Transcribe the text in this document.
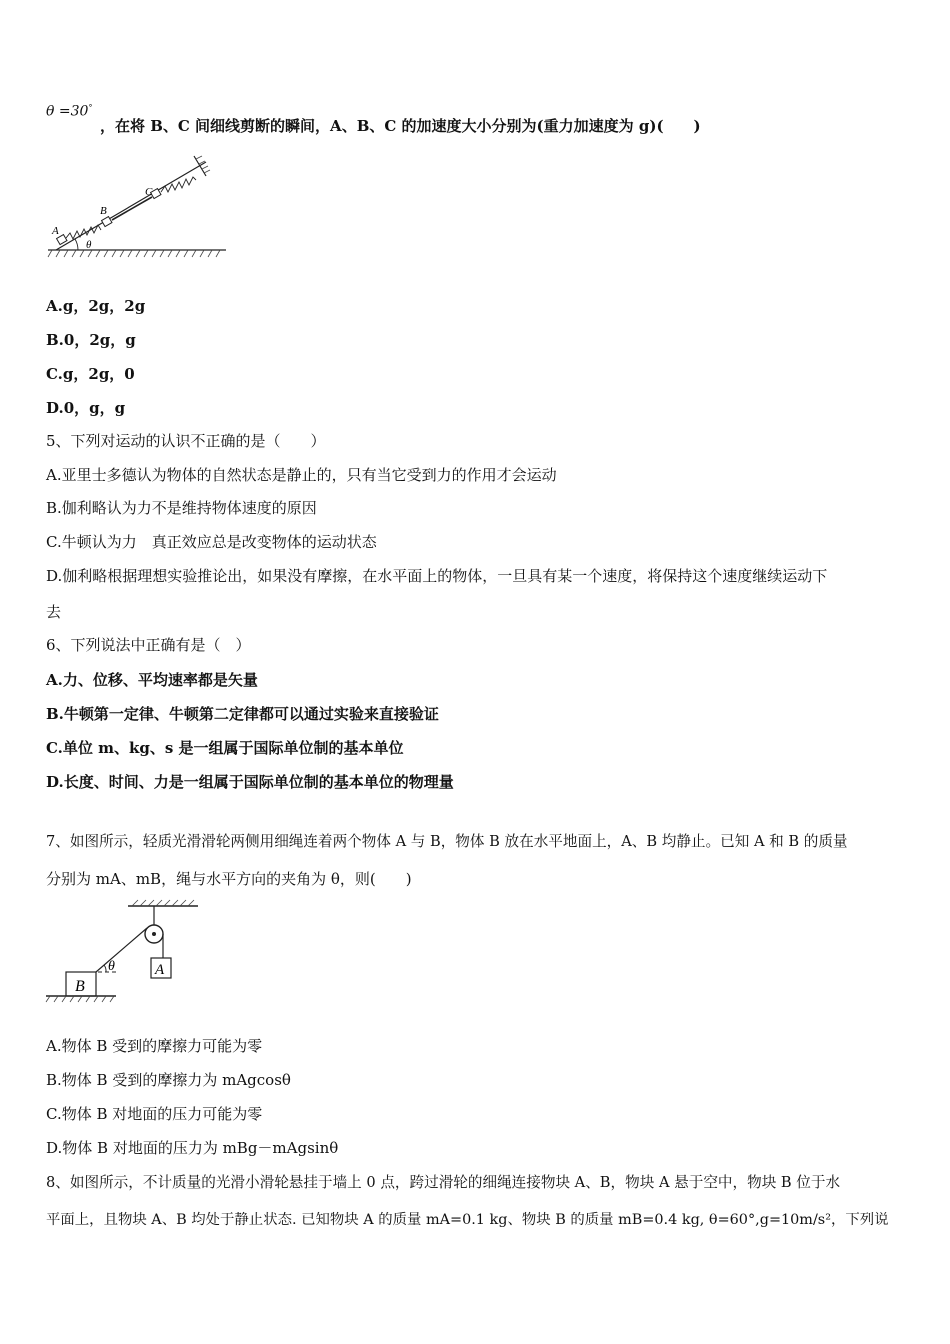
θ =30°
，在将 B、C 间细线剪断的瞬间，A、B、C 的加速度大小分别为(重力加速度为 g)(　　)
A
B
C
θ
A.g，2g，2g
B.0，2g，g
C.g，2g，0
D.0，g，g
5、下列对运动的认识不正确的是（　　）
A.亚里士多德认为物体的自然状态是静止的，只有当它受到力的作用才会运动
B.伽利略认为力不是维持物体速度的原因
C.牛顿认为力　真正效应总是改变物体的运动状态
D.伽利略根据理想实验推论出，如果没有摩擦，在水平面上的物体，一旦具有某一个速度，将保持这个速度继续运动下
去
6、下列说法中正确有是（　）
A.力、位移、平均速率都是矢量
B.牛顿第一定律、牛顿第二定律都可以通过实验来直接验证
C.单位 m、kg、s 是一组属于国际单位制的基本单位
D.长度、时间、力是一组属于国际单位制的基本单位的物理量
7、如图所示，轻质光滑滑轮两侧用细绳连着两个物体 A 与 B，物体 B 放在水平地面上，A、B 均静止。已知 A 和 B 的质量
分别为 mA、mB，绳与水平方向的夹角为 θ，则(　　)
A
B
θ
A.物体 B 受到的摩擦力可能为零
B.物体 B 受到的摩擦力为 mAgcosθ
C.物体 B 对地面的压力可能为零
D.物体 B 对地面的压力为 mBg－mAgsinθ
8、如图所示，不计质量的光滑小滑轮悬挂于墙上 0 点，跨过滑轮的细绳连接物块 A、B，物块 A 悬于空中，物块 B 位于水
平面上，且物块 A、B 均处于静止状态. 已知物块 A 的质量 mA=0.1 kg、物块 B 的质量 mB=0.4 kg, θ=60°,g=10m/s²，下列说
